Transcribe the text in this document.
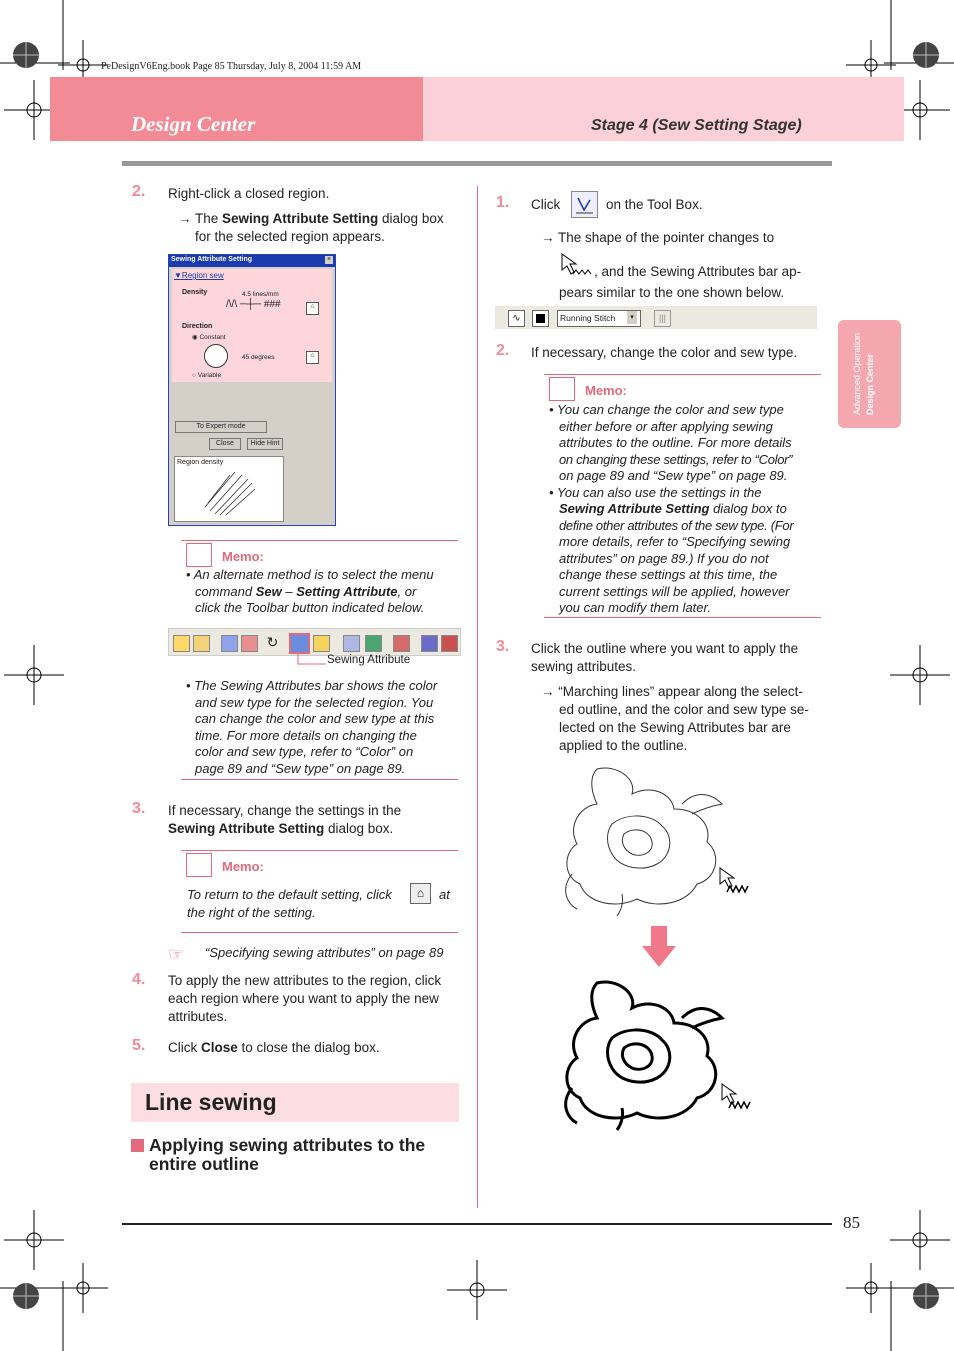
PeDesignV6Eng.book Page 85 Thursday, July 8, 2004 11:59 AM
Design Center	Stage 4 (Sew Setting Stage)
Advanced Operation Design Center
2. Right-click a closed region.
→ The Sewing Attribute Setting dialog box
for the selected region appears.
Sewing Attribute Setting	×
▼Region sew
Density	4.5 lines/mm
/\/\ ─┼─ ###	⌂
Direction
◉ Constant
45 degrees	⌂
○ Variable
To Expert mode
Close	Hide Hint
Region density
Memo:
• An alternate method is to select the menu
command Sew – Setting Attribute, or
click the Toolbar button indicated below.
↻
Sewing Attribute
• The Sewing Attributes bar shows the color
and sew type for the selected region. You
can change the color and sew type at this
time. For more details on changing the
color and sew type, refer to “Color” on
page 89 and “Sew type” on page 89.
3. If necessary, change the settings in the
Sewing Attribute Setting dialog box.
Memo:
To return to the default setting, click	⌂	at
the right of the setting.
☞ “Specifying sewing attributes” on page 89
4. To apply the new attributes to the region, click
each region where you want to apply the new
attributes.
5. Click Close to close the dialog box.
Line sewing
Applying sewing attributes to the
entire outline
1. Click	on the Tool Box.
→ The shape of the pointer changes to
, and the Sewing Attributes bar ap-
pears similar to the one shown below.
∿	Running Stitch	▾	|||
2. If necessary, change the color and sew type.
Memo:
• You can change the color and sew type
either before or after applying sewing
attributes to the outline. For more details
on changing these settings, refer to “Color”
on page 89 and “Sew type” on page 89.
• You can also use the settings in the
Sewing Attribute Setting dialog box to
define other attributes of the sew type. (For
more details, refer to “Specifying sewing
attributes” on page 89.) If you do not
change these settings at this time, the
current settings will be applied, however
you can modify them later.
3. Click the outline where you want to apply the
sewing attributes.
→ “Marching lines” appear along the select-
ed outline, and the color and sew type se-
lected on the Sewing Attributes bar are
applied to the outline.
85
